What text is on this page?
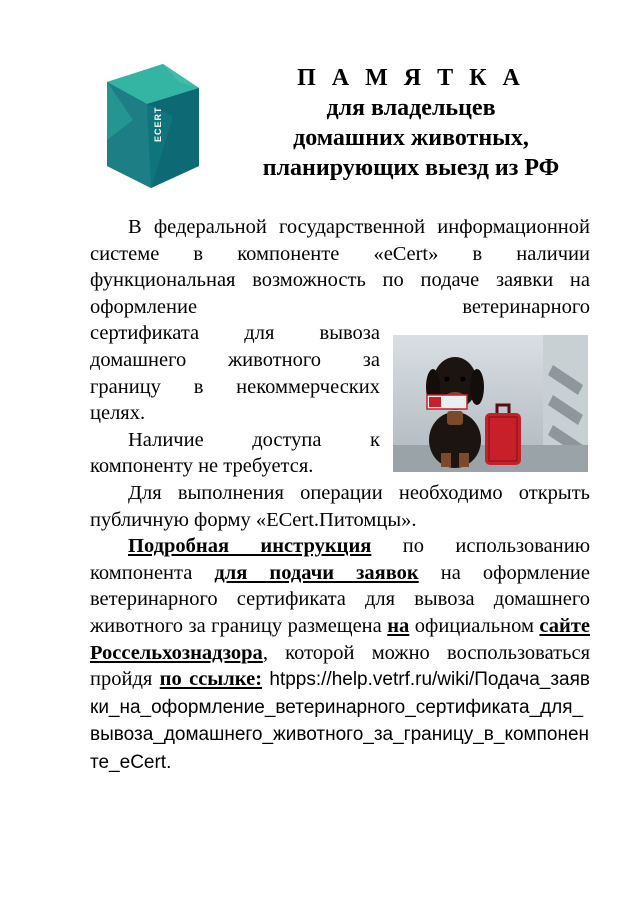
ECERT
П А М Я Т К А
для владельцев
домашних животных,
планирующих выезд из РФ

В федеральной государственной информационной системе в компоненте «eCert» в наличии функциональная возможность по подаче заявки на оформление ветеринарного

сертификата для вывоза домашнего животного за границу в некоммерческих целях.

Наличие доступа к компоненту не требуется.

Для выполнения операции необходимо открыть публичную форму «ECert.Питомцы».

Подробная инструкция по использованию компонента для подачи заявок на оформление ветеринарного сертификата для вывоза домашнего животного за границу размещена на официальном сайте Россельхознадзора, которой можно воспользоваться пройдя по ссылке: htpps://help.vetrf.ru/wiki/Подача_заявки_на_оформление_ветеринарного_сертификата_для_вывоза_домашнего_животного_за_границу_в_компоненте_eCert.
